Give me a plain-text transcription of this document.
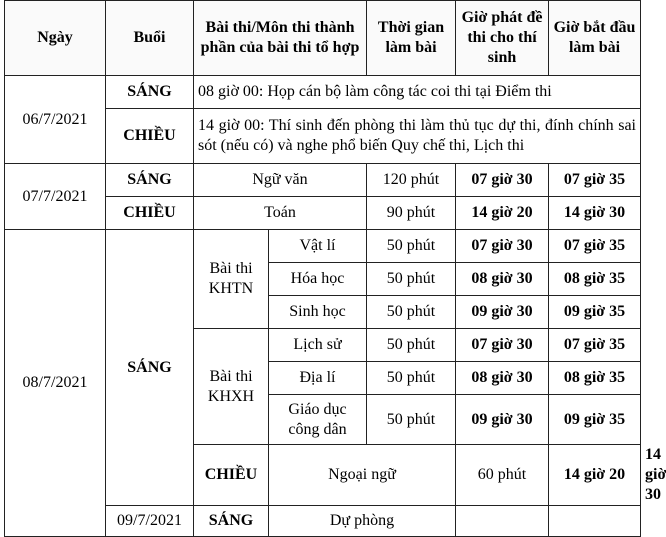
Ngày	Buổi	Bài thi/Môn thi thành phần của bài thi tổ hợp		Thời gian làm bài	Giờ phát đề thi cho thí sinh	Giờ bắt đầu làm bài	
06/7/2021	SÁNG	08 giờ 00: Họp cán bộ làm công tác coi thi tại Điểm thi					
	CHIỀU	14 giờ 00: Thí sinh đến phòng thi làm thủ tục dự thi, đính chính sai sót (nếu có) và nghe phổ biến Quy chế thi, Lịch thi					
07/7/2021	SÁNG	Ngữ văn		120 phút	07 giờ 30	07 giờ 35	
	CHIỀU	Toán		90 phút	14 giờ 20	14 giờ 30	
08/7/2021	SÁNG	Bài thi KHTN	Vật lí	50 phút	07 giờ 30	07 giờ 35	
			Hóa học	50 phút	08 giờ 30	08 giờ 35	
			Sinh học	50 phút	09 giờ 30	09 giờ 35	
		Bài thi KHXH	Lịch sử	50 phút	07 giờ 30	07 giờ 35	
			Địa lí	50 phút	08 giờ 30	08 giờ 35	
			Giáo dục công dân	50 phút	09 giờ 30	09 giờ 35	
		CHIỀU	Ngoại ngữ		60 phút	14 giờ 20	14 giờ 30
	09/7/2021	SÁNG	Dự phòng				
